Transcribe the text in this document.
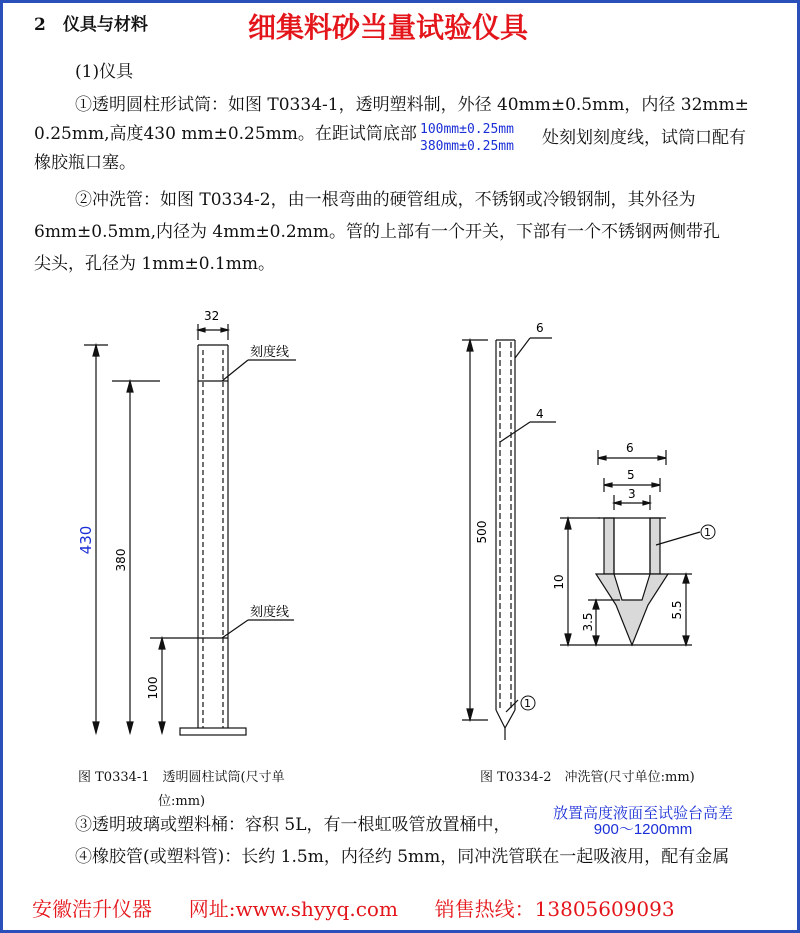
2　仪具与材料	细集料砂当量试验仪具
(1)仪具
①透明圆柱形试筒：如图 T0334-1，透明塑料制，外径 40mm±0.5mm，内径 32mm±
0.25mm,高度430 mm±0.25mm。在距试筒底部 100mm±0.25mm
380mm±0.25mm 处刻划刻度线，试筒口配有
橡胶瓶口塞。
②冲洗管：如图 T0334-2，由一根弯曲的硬管组成，不锈钢或冷锻钢制，其外径为
6mm±0.5mm,内径为 4mm±0.2mm。管的上部有一个开关，下部有一个不锈钢两侧带孔
尖头，孔径为 1mm±0.1mm。
32
刻度线
刻度线
430
380
100
6
4
500
1
6
5
3
10
3.5
5.5
1
图 T0334-1　透明圆柱试筒(尺寸单
位:mm)
图 T0334-2　冲洗管(尺寸单位:mm)
③透明玻璃或塑料桶：容积 5L，有一根虹吸管放置桶中，
放置高度液面至试验台高差
900～1200mm
④橡胶管(或塑料管)：长约 1.5m，内径约 5mm，同冲洗管联在一起吸液用，配有金属
安徽浩升仪器 网址:www.shyyq.com 销售热线：13805609093
